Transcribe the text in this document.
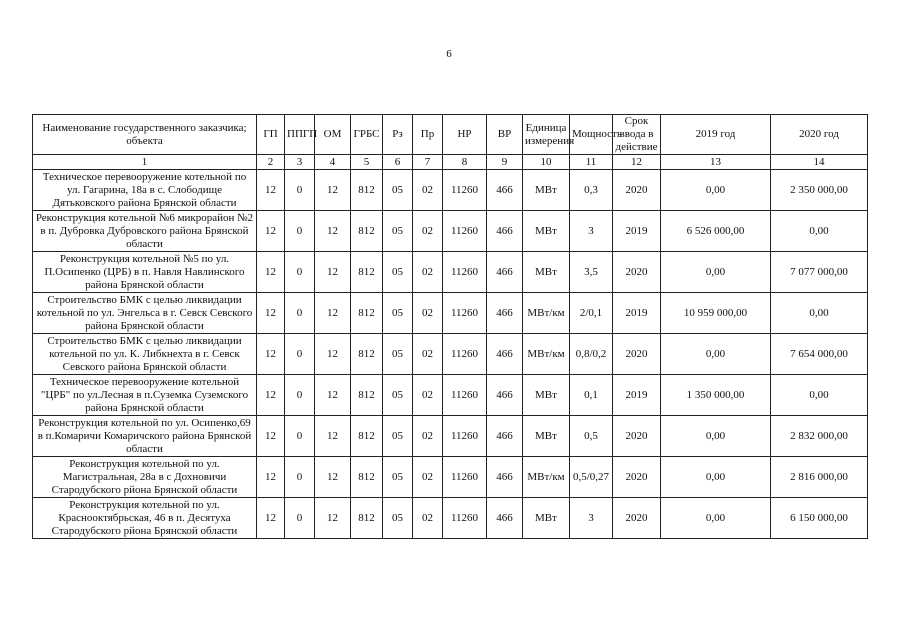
6
Наименование государственного заказчика; объекта	ГП	ППГП	ОМ	ГРБС	Рз	Пр	НР	ВР	Единица измерения	Мощность	Срок ввода в действие	2019 год	2020 год
1	2	3	4	5	6	7	8	9	10	11	12	13	14
Техническое перевооружение котельной по ул. Гагарина, 18а в с. Слободище Дятьковского района Брянской области	12	0	12	812	05	02	11260	466	МВт	0,3	2020	0,00	2 350 000,00
Реконструкция котельной №6 микрорайон №2 в п. Дубровка Дубровского района Брянской области	12	0	12	812	05	02	11260	466	МВт	3	2019	6 526 000,00	0,00
Реконструкция котельной №5 по ул. П.Осипенко (ЦРБ) в п. Навля Навлинского района Брянской области	12	0	12	812	05	02	11260	466	МВт	3,5	2020	0,00	7 077 000,00
Строительство БМК с целью ликвидации котельной по ул. Энгельса в г. Севск Севского района Брянской области	12	0	12	812	05	02	11260	466	МВт/км	2/0,1	2019	10 959 000,00	0,00
Строительство БМК с целью ликвидации котельной по ул. К. Либкнехта в г. Севск Севского района Брянской области	12	0	12	812	05	02	11260	466	МВт/км	0,8/0,2	2020	0,00	7 654 000,00
Техническое перевооружение котельной "ЦРБ" по ул.Лесная в п.Суземка Суземского района Брянской области	12	0	12	812	05	02	11260	466	МВт	0,1	2019	1 350 000,00	0,00
Реконструкция котельной по ул. Осипенко,69 в п.Комаричи Комаричского района Брянской области	12	0	12	812	05	02	11260	466	МВт	0,5	2020	0,00	2 832 000,00
Реконструкция котельной по ул. Магистральная, 28а в с Дохновичи Стародубского рйона Брянской области	12	0	12	812	05	02	11260	466	МВт/км	0,5/0,27	2020	0,00	2 816 000,00
Реконструкция котельной по ул. Краснооктябрьская, 46 в п. Десятуха Стародубского рйона Брянской области	12	0	12	812	05	02	11260	466	МВт	3	2020	0,00	6 150 000,00
